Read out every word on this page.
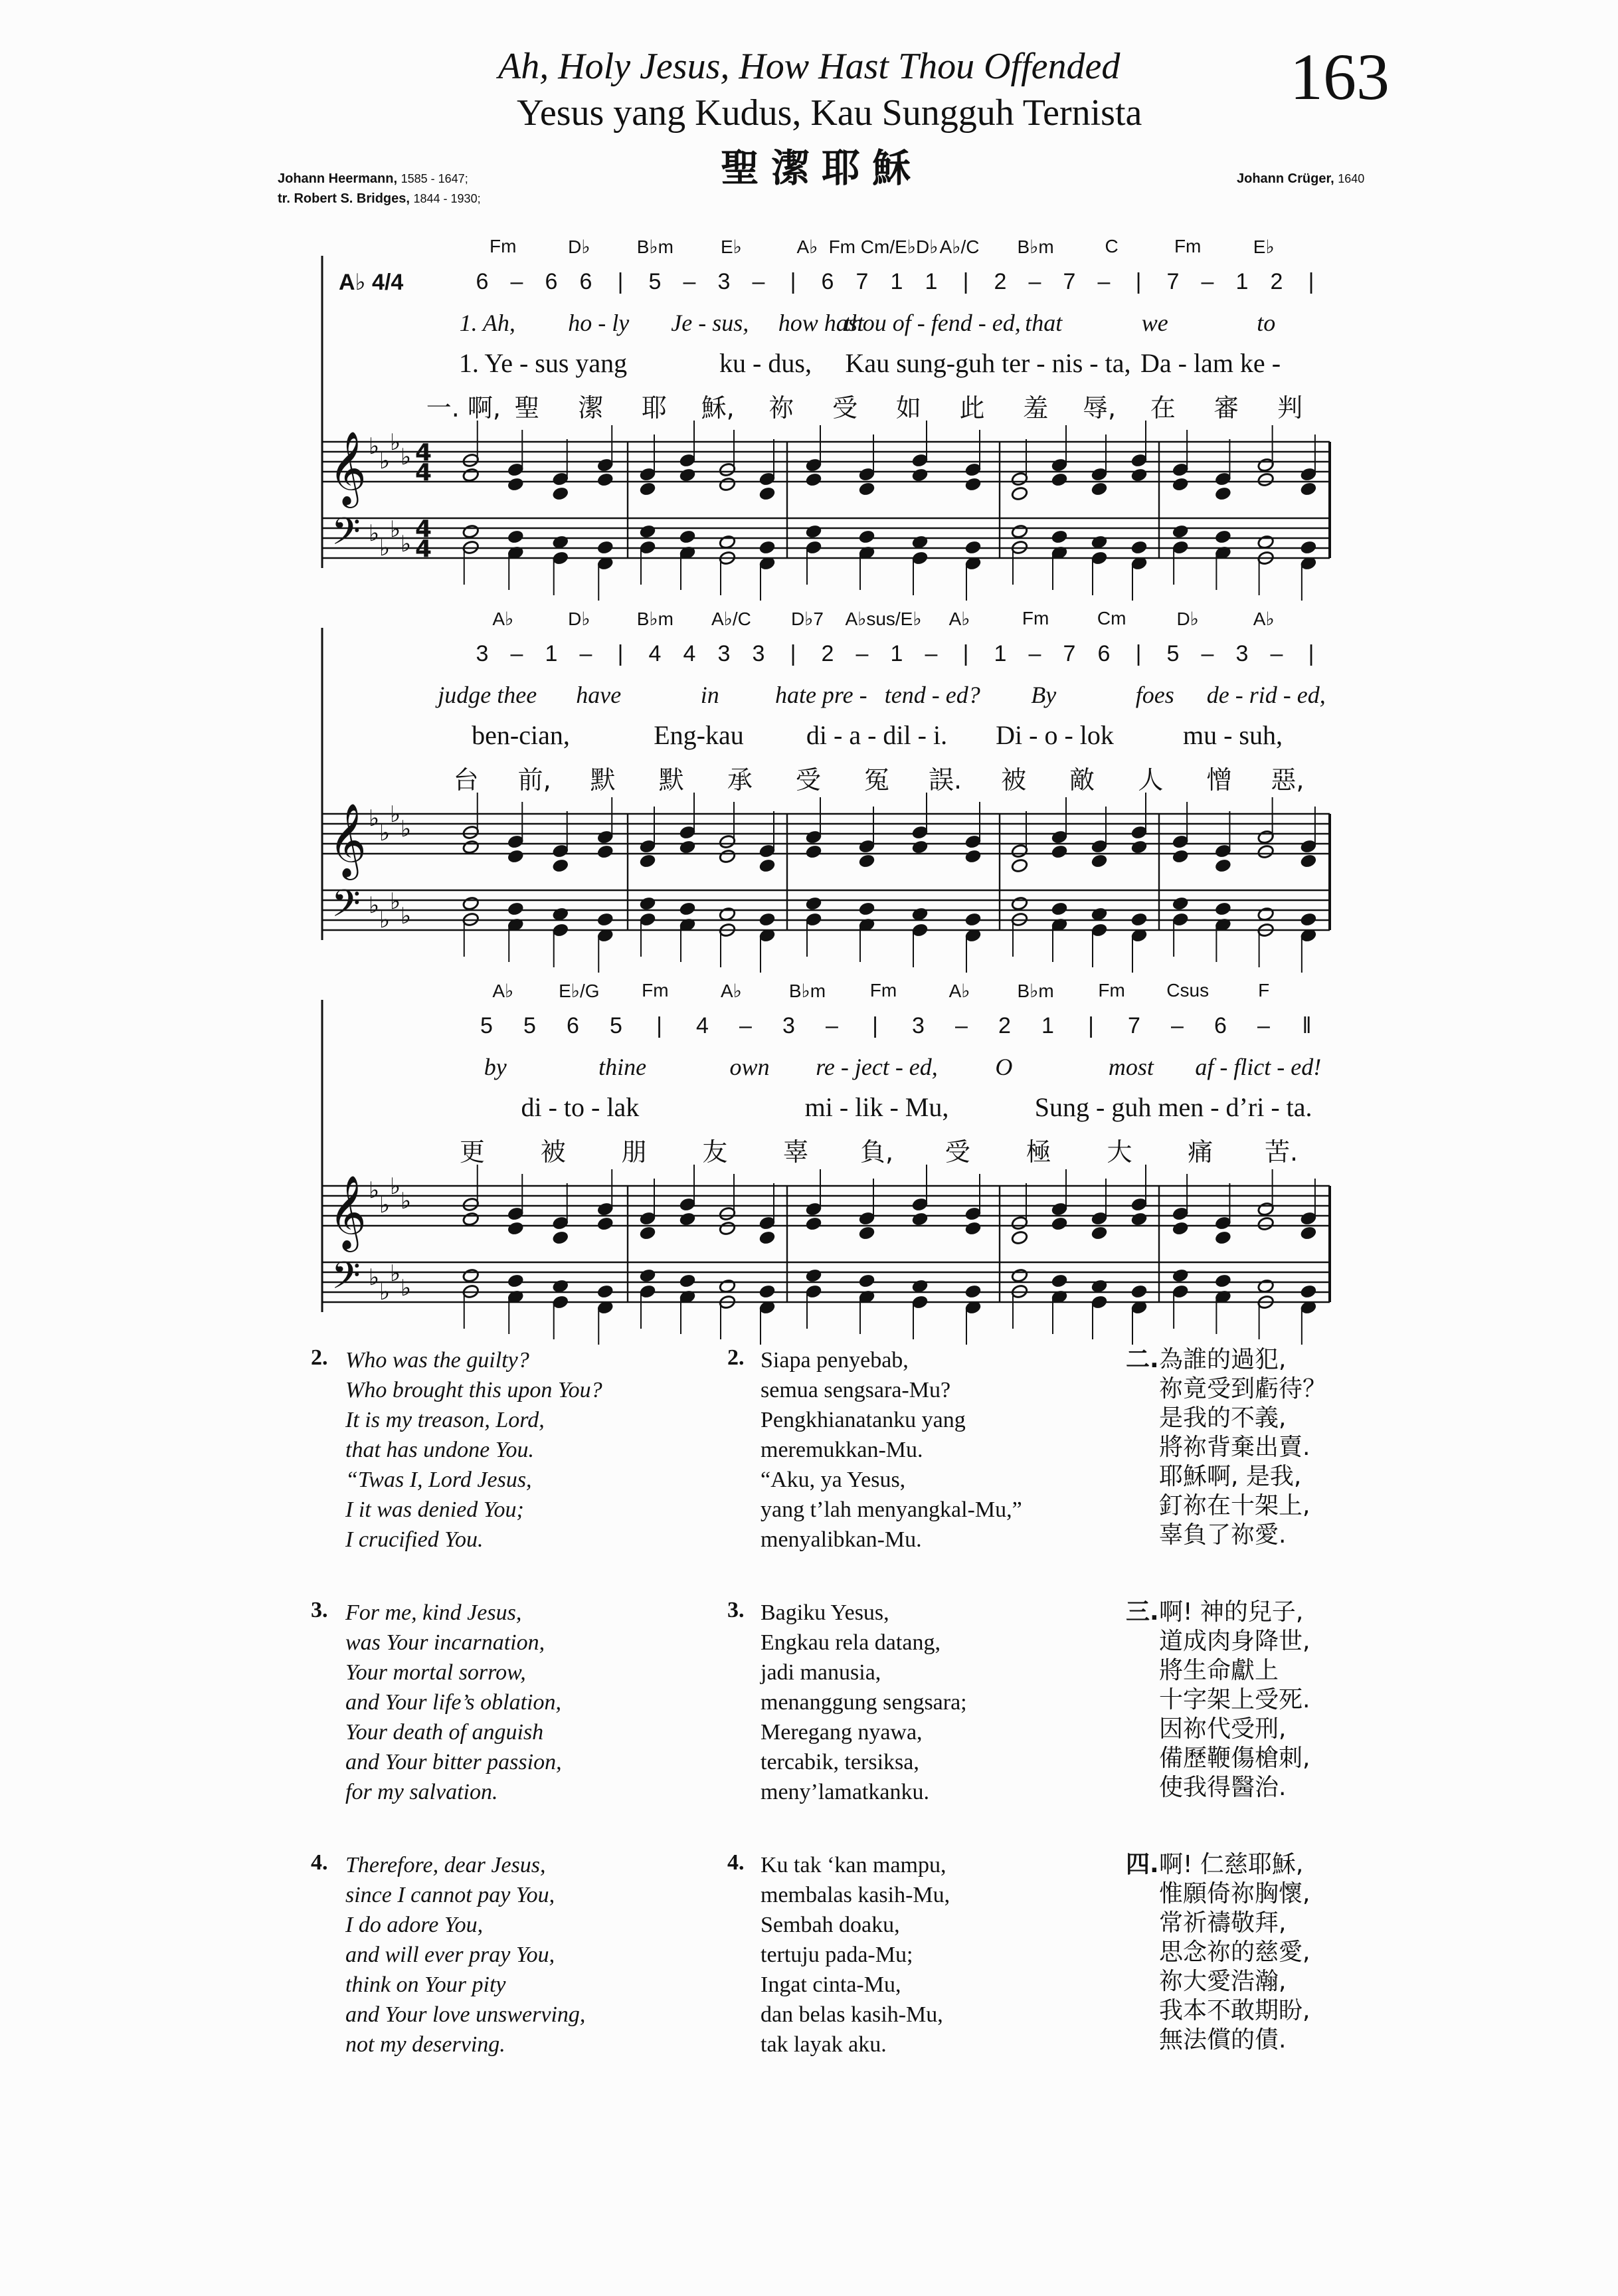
Ah, Holy Jesus, How Hast Thou Offended
Yesus yang Kudus, Kau Sungguh Ternista
聖潔耶穌
163
Johann Heermann, 1585 - 1647;
tr. Robert S. Bridges, 1844 - 1930;
Johann Crüger, 1640
Fm	D♭	B♭m	E♭	A♭ Fm Cm/E♭D♭ A♭/C B♭m	C	Fm	E♭
6 – 6 6 | 5 – 3 – | 6 7 1 1 | 2 – 7 – | 7 – 1 2 |
1. Ah, ho - ly Je - sus, how hast
thou of - fend - ed, that	we	to
1. Ye - sus yang	ku - dus, Kau sung-guh ter - nis - ta, Da - lam ke -
一. 啊, 聖 潔 耶 穌, 祢 受 如 此 羞 辱, 在 審 判
A♭ 4/4
A♭	D♭	B♭m A♭/C D♭7 A♭sus/E♭ A♭	Fm	Cm	D♭	A♭
3 – 1 – | 4 4 3 3 | 2 – 1 – | 1 – 7 6 | 5 – 3 – |
judge thee have	in hate pre - tend - ed? By	foes de - rid - ed,
ben-cian,	Eng-kau di - a - dil - i. Di - o - lok	mu - suh,
台 前, 默 默 承 受 冤 誤. 被 敵 人 憎 惡,
A♭ E♭/G Fm	A♭	B♭m Fm	A♭	B♭m Fm Csus	F
5 5 6 5 | 4 – 3 – | 3 – 2 1 | 7 – 6 – ‖
by	thine	own re - ject - ed, O	most af - flict - ed!
di - to - lak	mi - lik - Mu,	Sung - guh men - d’ri - ta.
更 被 朋 友 辜 負, 受 極 大 痛 苦.
𝄞
𝄢
♭
♭
♭
♭
♭
♭
♭
♭
4
4
4
4
𝄞
𝄢
♭
♭
♭
♭
♭
♭
♭
♭
𝄞
𝄢
♭
♭
♭
♭
♭
♭
♭
♭
2. Who was the guilty?
Who brought this upon You?
It is my treason, Lord,
that has undone You.
“Twas I, Lord Jesus,
I it was denied You;
I crucified You.
3. For me, kind Jesus,
was Your incarnation,
Your mortal sorrow,
and Your life’s oblation,
Your death of anguish
and Your bitter passion,
for my salvation.
4. Therefore, dear Jesus,
since I cannot pay You,
I do adore You,
and will ever pray You,
think on Your pity
and Your love unswerving,
not my deserving.
2. Siapa penyebab,
semua sengsara-Mu?
Pengkhianatanku yang
meremukkan-Mu.
“Aku, ya Yesus,
yang t’lah menyangkal-Mu,”
menyalibkan-Mu.
3. Bagiku Yesus,
Engkau rela datang,
jadi manusia,
menanggung sengsara;
Meregang nyawa,
tercabik, tersiksa,
meny’lamatkanku.
4. Ku tak ‘kan mampu,
membalas kasih-Mu,
Sembah doaku,
tertuju pada-Mu;
Ingat cinta-Mu,
dan belas kasih-Mu,
tak layak aku.
二. 為誰的過犯,
祢竟受到虧待？
是我的不義,
將祢背棄出賣.
耶穌啊, 是我,
釘祢在十架上,
辜負了祢愛.
三. 啊! 神的兒子,
道成肉身降世,
將生命獻上
十字架上受死.
因祢代受刑,
備歷鞭傷槍刺,
使我得醫治.
四. 啊! 仁慈耶穌,
惟願倚祢胸懷,
常祈禱敬拜,
思念祢的慈愛,
祢大愛浩瀚,
我本不敢期盼,
無法償的債.
